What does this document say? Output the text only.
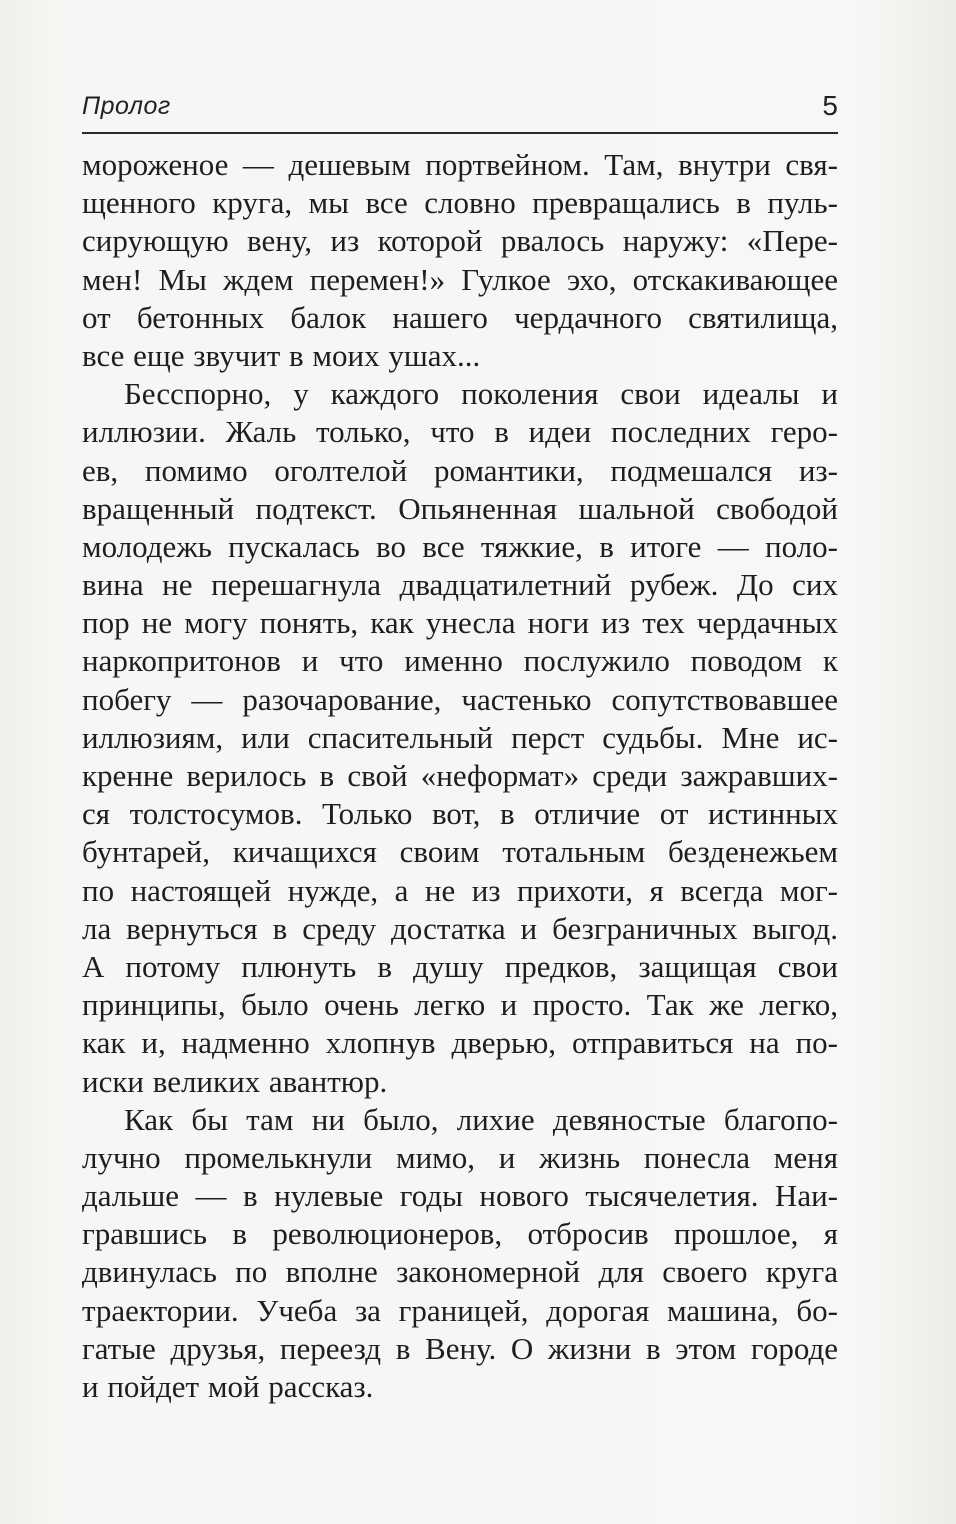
Пролог	5
мороженое — дешевым портвейном. Там, внутри свя-
щенного круга, мы все словно превращались в пуль-
сирующую вену, из которой рвалось наружу: «Пере-
мен! Мы ждем перемен!» Гулкое эхо, отскакивающее
от бетонных балок нашего чердачного святилища,
все еще звучит в моих ушах...
Бесспорно, у каждого поколения свои идеалы и
иллюзии. Жаль только, что в идеи последних геро-
ев, помимо оголтелой романтики, подмешался из-
вращенный подтекст. Опьяненная шальной свободой
молодежь пускалась во все тяжкие, в итоге — поло-
вина не перешагнула двадцатилетний рубеж. До сих
пор не могу понять, как унесла ноги из тех чердачных
наркопритонов и что именно послужило поводом к
побегу — разочарование, частенько сопутствовавшее
иллюзиям, или спасительный перст судьбы. Мне ис-
кренне верилось в свой «неформат» среди зажравших-
ся толстосумов. Только вот, в отличие от истинных
бунтарей, кичащихся своим тотальным безденежьем
по настоящей нужде, а не из прихоти, я всегда мог-
ла вернуться в среду достатка и безграничных выгод.
А потому плюнуть в душу предков, защищая свои
принципы, было очень легко и просто. Так же легко,
как и, надменно хлопнув дверью, отправиться на по-
иски великих авантюр.
Как бы там ни было, лихие девяностые благопо-
лучно промелькнули мимо, и жизнь понесла меня
дальше — в нулевые годы нового тысячелетия. Наи-
гравшись в революционеров, отбросив прошлое, я
двинулась по вполне закономерной для своего круга
траектории. Учеба за границей, дорогая машина, бо-
гатые друзья, переезд в Вену. О жизни в этом городе
и пойдет мой рассказ.
